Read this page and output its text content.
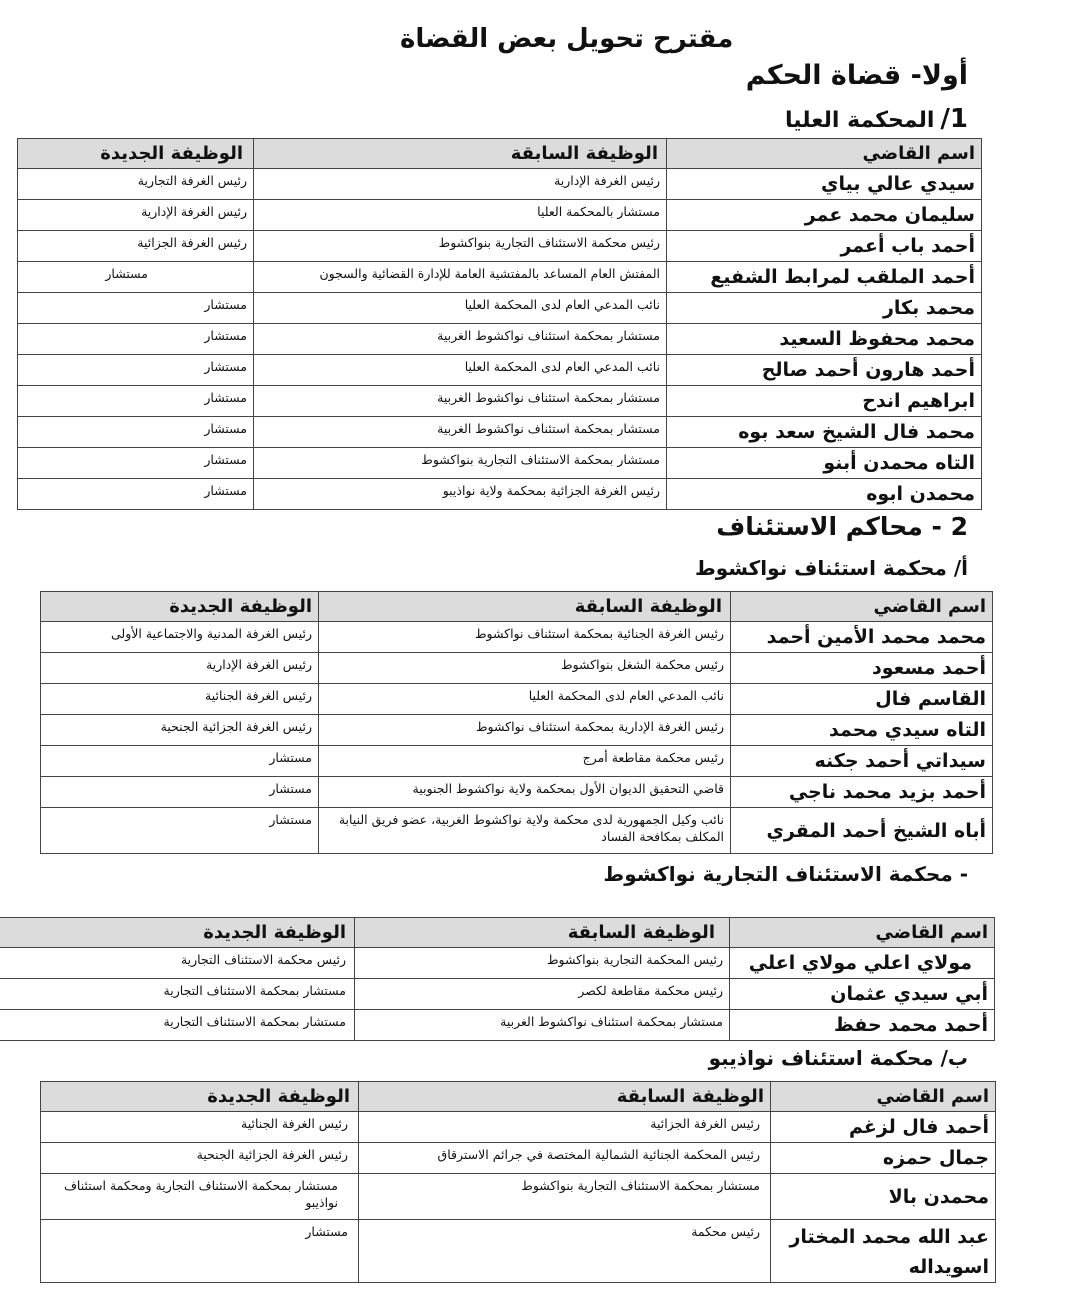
مقترح تحويل بعض القضاة
أولا- قضاة الحكم
1/المحكمة العليا
اسم القاضي	الوظيفة السابقة	الوظيفة الجديدة
سيدي عالي بياي	رئيس الغرفة الإدارية	رئيس الغرفة التجارية
سليمان محمد عمر	مستشار بالمحكمة العليا	رئيس الغرفة الإدارية
أحمد باب أعمر	رئيس محكمة الاستئناف التجارية بنواكشوط	رئيس الغرفة الجزائية
أحمد الملقب لمرابط الشفيع	المفتش العام المساعد بالمفتشية العامة للإدارة القضائية والسجون	مستشار
محمد بكار	نائب المدعي العام لدى المحكمة العليا	مستشار
محمد محفوظ السعيد	مستشار بمحكمة استئناف نواكشوط الغربية	مستشار
أحمد هارون أحمد صالح	نائب المدعي العام لدى المحكمة العليا	مستشار
ابراهيم اندح	مستشار بمحكمة استئناف نواكشوط الغربية	مستشار
محمد فال الشيخ سعد بوه	مستشار بمحكمة استئناف نواكشوط الغربية	مستشار
التاه محمدن أبنو	مستشار بمحكمة الاستئناف التجارية بنواكشوط	مستشار
محمدن ابوه	رئيس الغرفة الجزائية بمحكمة ولاية نواذيبو	مستشار
2 - محاكم الاستئناف
أ/ محكمة استئناف نواكشوط
اسم القاضي	الوظيفة السابقة	الوظيفة الجديدة
محمد محمد الأمين أحمد	رئيس الغرفة الجنائية بمحكمة استئناف نواكشوط	رئيس الغرفة المدنية والاجتماعية الأولى
أحمد مسعود	رئيس محكمة الشغل بنواكشوط	رئيس الغرفة الإدارية
القاسم فال	نائب المدعي العام لدى المحكمة العليا	رئيس الغرفة الجنائية
التاه سيدي محمد	رئيس الغرفة الإدارية بمحكمة استئناف نواكشوط	رئيس الغرفة الجزائية الجنحية
سيداتي أحمد جكنه	رئيس محكمة مقاطعة أمرج	مستشار
أحمد بزيد محمد ناجي	قاضي التحقيق الديوان الأول بمحكمة ولاية نواكشوط الجنوبية	مستشار
أباه الشيخ أحمد المقري	نائب وكيل الجمهورية لدى محكمة ولاية نواكشوط الغربية، عضو فريق النيابة المكلف بمكافحة الفساد	مستشار
- محكمة الاستئناف التجارية نواكشوط
اسم القاضي	الوظيفة السابقة	الوظيفة الجديدة
مولاي اعلي مولاي اعلي	رئيس المحكمة التجارية بنواكشوط	رئيس محكمة الاستئناف التجارية
أبي سيدي عثمان	رئيس محكمة مقاطعة لكصر	مستشار بمحكمة الاستئناف التجارية
أحمد محمد حفظ	مستشار بمحكمة استئناف نواكشوط الغربية	مستشار بمحكمة الاستئناف التجارية
ب/ محكمة استئناف نواذيبو
اسم القاضي	الوظيفة السابقة	الوظيفة الجديدة
أحمد فال لزغم	رئيس الغرفة الجزائية	رئيس الغرفة الجنائية
جمال حمزه	رئيس المحكمة الجنائية الشمالية المختصة في جرائم الاسترقاق	رئيس الغرفة الجزائية الجنحية
محمدن بالا	مستشار بمحكمة الاستئناف التجارية بنواكشوط	مستشار بمحكمة الاستئناف التجارية ومحكمة استئناف نواذيبو
عبد الله محمد المختار اسويداله	رئيس محكمة	مستشار
